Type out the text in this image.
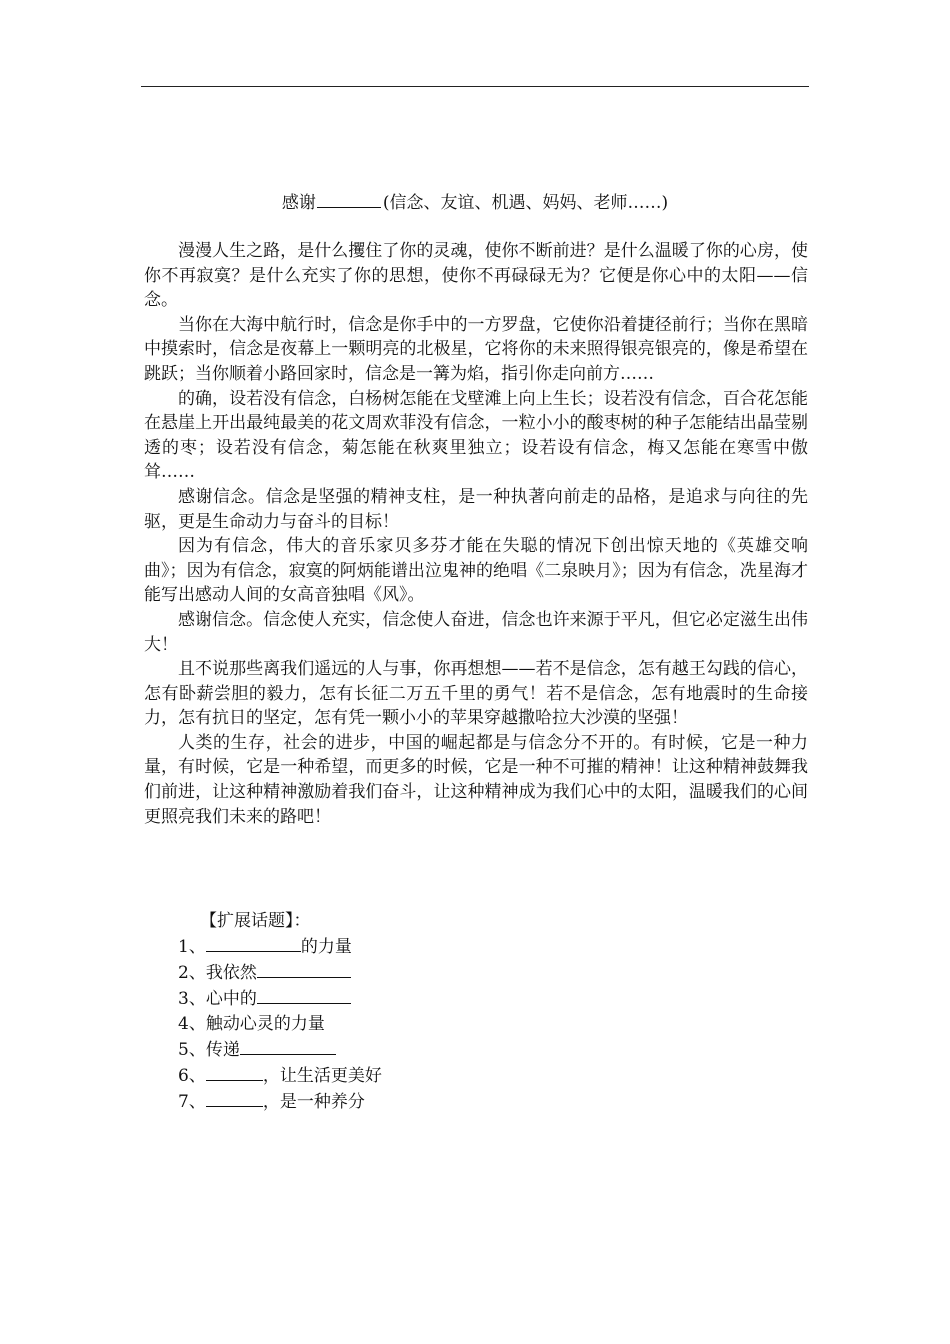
感谢	(信念、友谊、机遇、妈妈、老师……)

漫漫人生之路，是什么攫住了你的灵魂，使你不断前进？是什么温暖了你的心房，使你不再寂寞？是什么充实了你的思想，使你不再碌碌无为？它便是你心中的太阳——信念。

当你在大海中航行时，信念是你手中的一方罗盘，它使你沿着捷径前行；当你在黑暗中摸索时，信念是夜幕上一颗明亮的北极星，它将你的未来照得银亮银亮的，像是希望在跳跃；当你顺着小路回家时，信念是一篝为焰，指引你走向前方……

的确，设若没有信念，白杨树怎能在戈壁滩上向上生长；设若没有信念，百合花怎能在悬崖上开出最纯最美的花文周欢菲没有信念，一粒小小的酸枣树的种子怎能结出晶莹剔透的枣；设若没有信念，菊怎能在秋爽里独立；设若设有信念，梅又怎能在寒雪中傲耸……

感谢信念。信念是坚强的精神支柱，是一种执著向前走的品格，是追求与向往的先驱，更是生命动力与奋斗的目标！

因为有信念，伟大的音乐家贝多芬才能在失聪的情况下创出惊天地的《英雄交响曲》；因为有信念，寂寞的阿炳能谱出泣鬼神的绝唱《二泉映月》；因为有信念，冼星海才能写出感动人间的女高音独唱《风》。

感谢信念。信念使人充实，信念使人奋进，信念也许来源于平凡，但它必定滋生出伟大！

且不说那些离我们遥远的人与事，你再想想——若不是信念，怎有越王勾践的信心，怎有卧薪尝胆的毅力，怎有长征二万五千里的勇气！若不是信念，怎有地震时的生命接力，怎有抗日的坚定，怎有凭一颗小小的苹果穿越撒哈拉大沙漠的坚强！

人类的生存，社会的进步，中国的崛起都是与信念分不开的。有时候，它是一种力量，有时候，它是一种希望，而更多的时候，它是一种不可摧的精神！让这种精神鼓舞我们前进，让这种精神激励着我们奋斗，让这种精神成为我们心中的太阳，温暖我们的心间更照亮我们未来的路吧！

【扩展话题】：
1、	的力量
2、我依然
3、心中的
4、触动心灵的力量
5、传递
6、	，让生活更美好
7、	，是一种养分
